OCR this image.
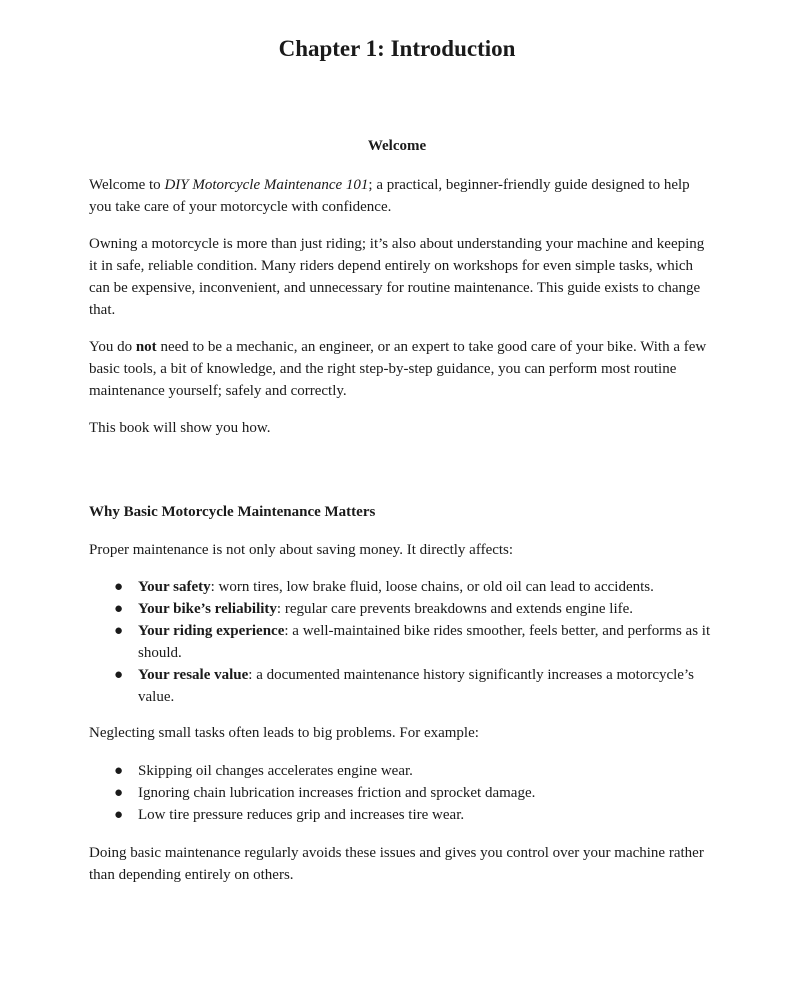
Chapter 1: Introduction
Welcome

Welcome to DIY Motorcycle Maintenance 101; a practical, beginner-friendly guide designed to help you take care of your motorcycle with confidence.

Owning a motorcycle is more than just riding; it’s also about understanding your machine and keeping it in safe, reliable condition. Many riders depend entirely on workshops for even simple tasks, which can be expensive, inconvenient, and unnecessary for routine maintenance. This guide exists to change that.

You do not need to be a mechanic, an engineer, or an expert to take good care of your bike. With a few basic tools, a bit of knowledge, and the right step-by-step guidance, you can perform most routine maintenance yourself; safely and correctly.

This book will show you how.

Why Basic Motorcycle Maintenance Matters

Proper maintenance is not only about saving money. It directly affects:

● Your safety: worn tires, low brake fluid, loose chains, or old oil can lead to accidents.
● Your bike’s reliability: regular care prevents breakdowns and extends engine life.
● Your riding experience: a well-maintained bike rides smoother, feels better, and performs as it should.
● Your resale value: a documented maintenance history significantly increases a motorcycle’s value.

Neglecting small tasks often leads to big problems. For example:

● Skipping oil changes accelerates engine wear.
● Ignoring chain lubrication increases friction and sprocket damage.
● Low tire pressure reduces grip and increases tire wear.

Doing basic maintenance regularly avoids these issues and gives you control over your machine rather than depending entirely on others.
